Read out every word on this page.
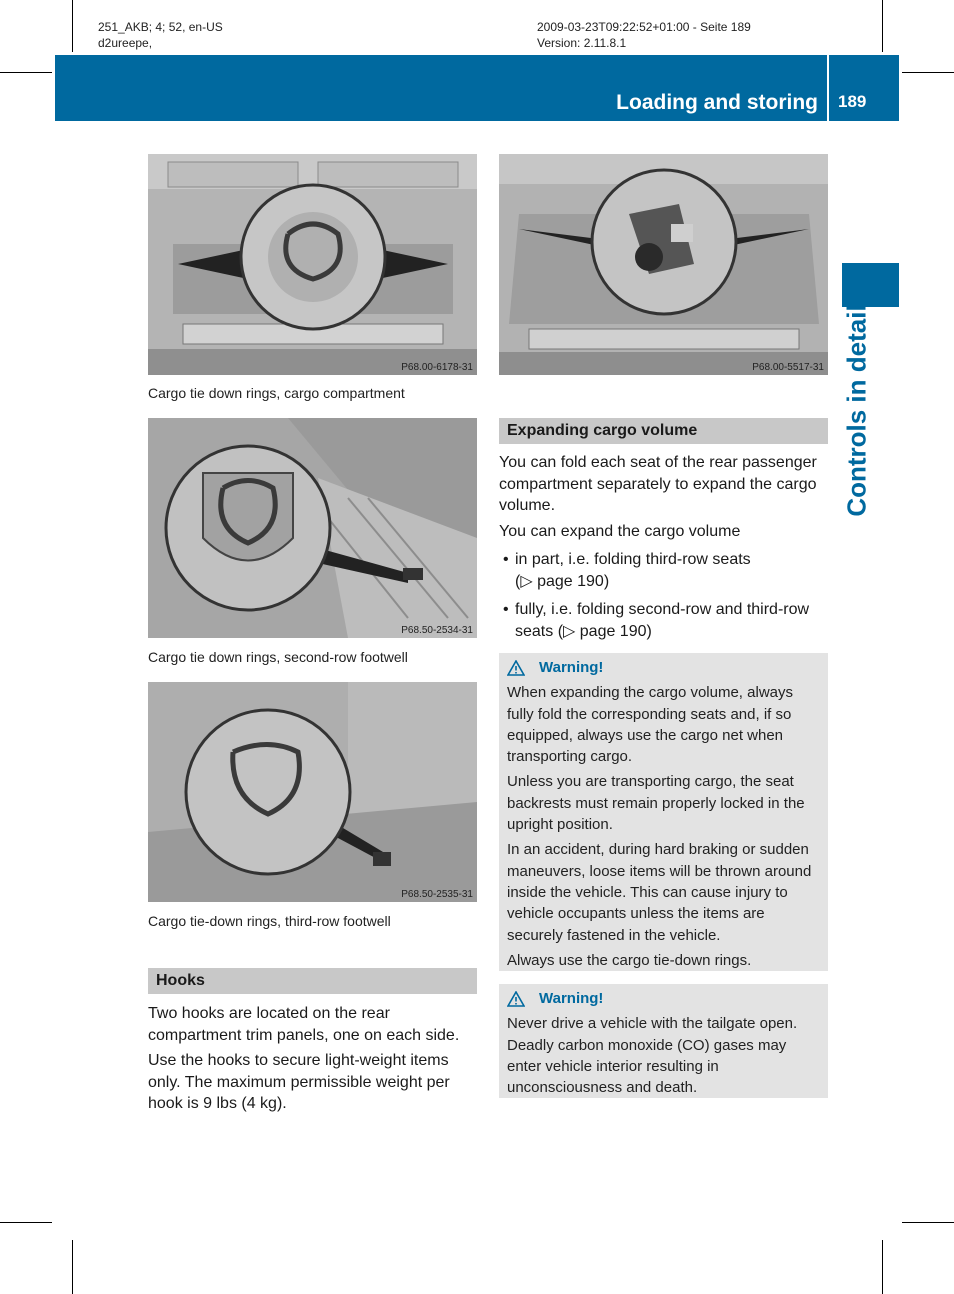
251_AKB; 4; 52, en-US
d2ureepe,
2009-03-23T09:22:52+01:00 - Seite 189
Version: 2.11.8.1
Loading and storing 189
Controls in detail
P68.00-6178-31
Cargo tie down rings, cargo compartment
P68.50-2534-31
Cargo tie down rings, second-row footwell
P68.50-2535-31
Cargo tie-down rings, third-row footwell
Hooks

Two hooks are located on the rear compartment trim panels, one on each side.

Use the hooks to secure light-weight items only. The maximum permissible weight per hook is 9 lbs (4 kg).

P68.00-5517-31
Expanding cargo volume

You can fold each seat of the rear passenger compartment separately to expand the cargo volume.

You can expand the cargo volume

• in part, i.e. folding third-row seats (▷ page 190)
• fully, i.e. folding second-row and third-row seats (▷ page 190)
Warning!

When expanding the cargo volume, always fully fold the corresponding seats and, if so equipped, always use the cargo net when transporting cargo.

Unless you are transporting cargo, the seat backrests must remain properly locked in the upright position.

In an accident, during hard braking or sudden maneuvers, loose items will be thrown around inside the vehicle. This can cause injury to vehicle occupants unless the items are securely fastened in the vehicle.

Always use the cargo tie-down rings.

Warning!

Never drive a vehicle with the tailgate open. Deadly carbon monoxide (CO) gases may enter vehicle interior resulting in unconsciousness and death.
